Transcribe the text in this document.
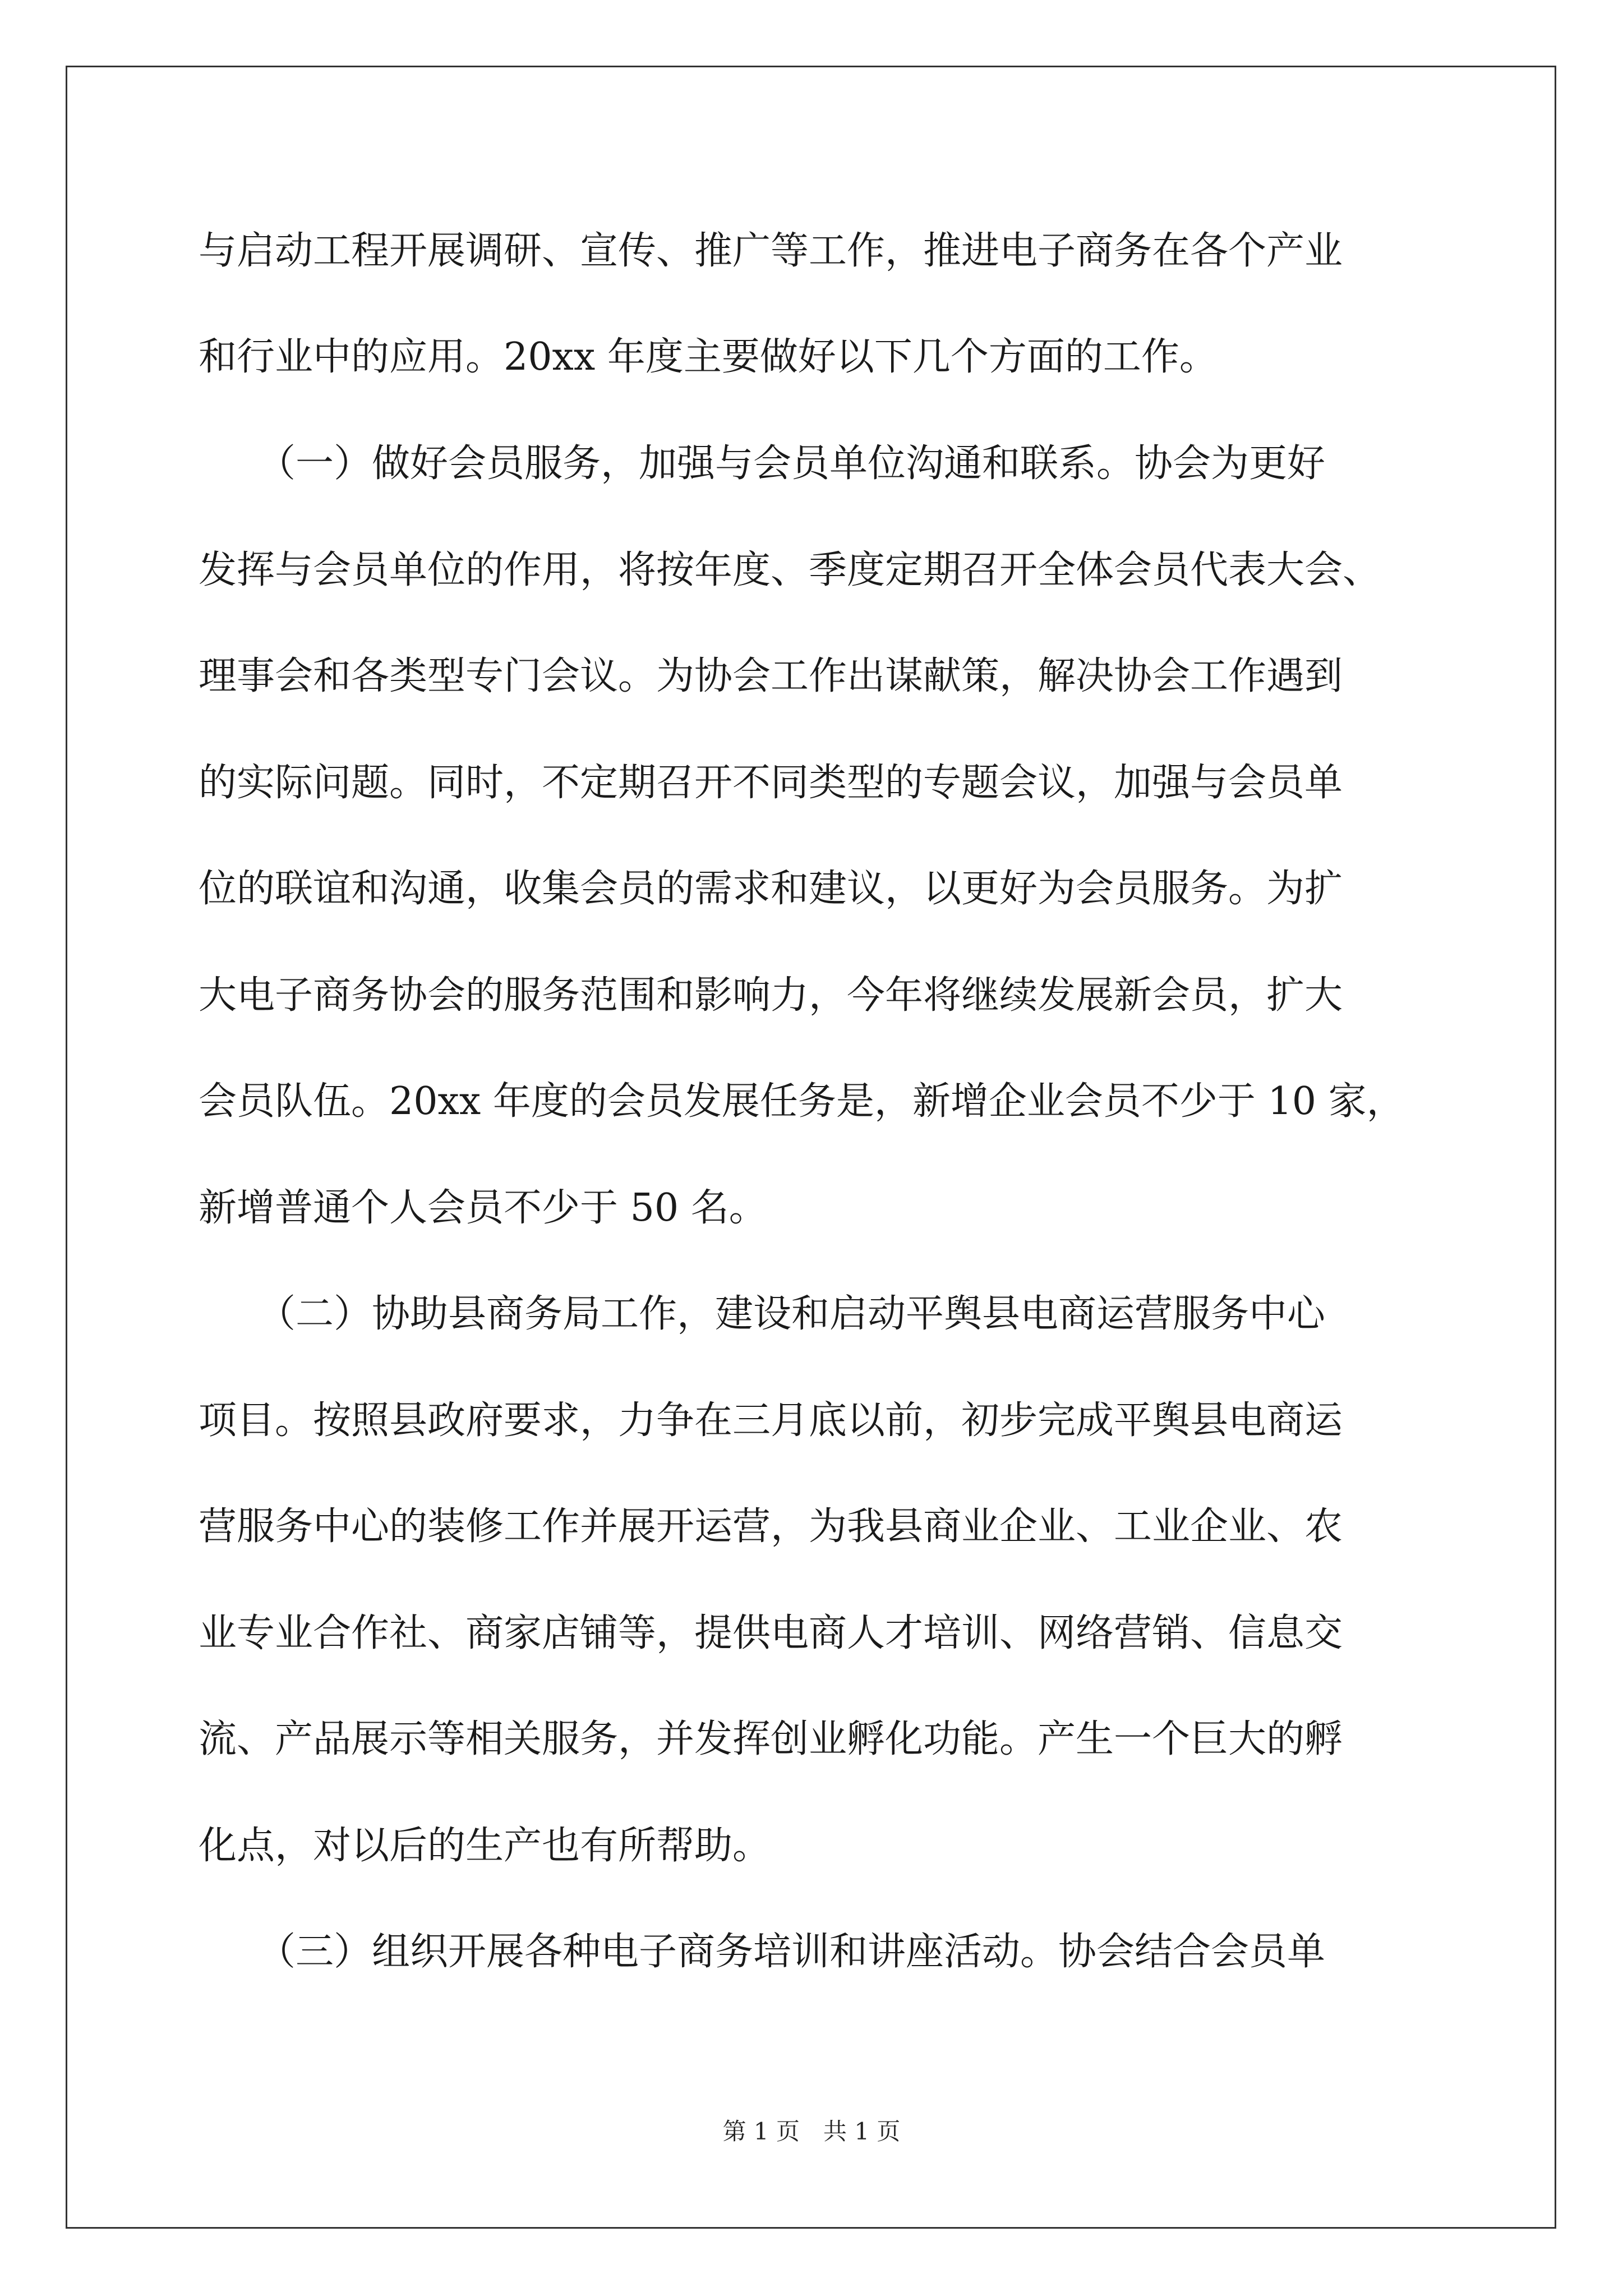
与启动工程开展调研、宣传、推广等工作，推进电子商务在各个产业
和行业中的应用。20xx 年度主要做好以下几个方面的工作。
（一）做好会员服务，加强与会员单位沟通和联系。协会为更好
发挥与会员单位的作用，将按年度、季度定期召开全体会员代表大会、
理事会和各类型专门会议。为协会工作出谋献策，解决协会工作遇到
的实际问题。同时，不定期召开不同类型的专题会议，加强与会员单
位的联谊和沟通，收集会员的需求和建议，以更好为会员服务。为扩
大电子商务协会的服务范围和影响力，今年将继续发展新会员，扩大
会员队伍。20xx 年度的会员发展任务是，新增企业会员不少于 10 家，
新增普通个人会员不少于 50 名。
（二）协助县商务局工作，建设和启动平舆县电商运营服务中心
项目。按照县政府要求，力争在三月底以前，初步完成平舆县电商运
营服务中心的装修工作并展开运营，为我县商业企业、工业企业、农
业专业合作社、商家店铺等，提供电商人才培训、网络营销、信息交
流、产品展示等相关服务，并发挥创业孵化功能。产生一个巨大的孵
化点，对以后的生产也有所帮助。
（三）组织开展各种电子商务培训和讲座活动。协会结合会员单
第 1 页　共 1 页
